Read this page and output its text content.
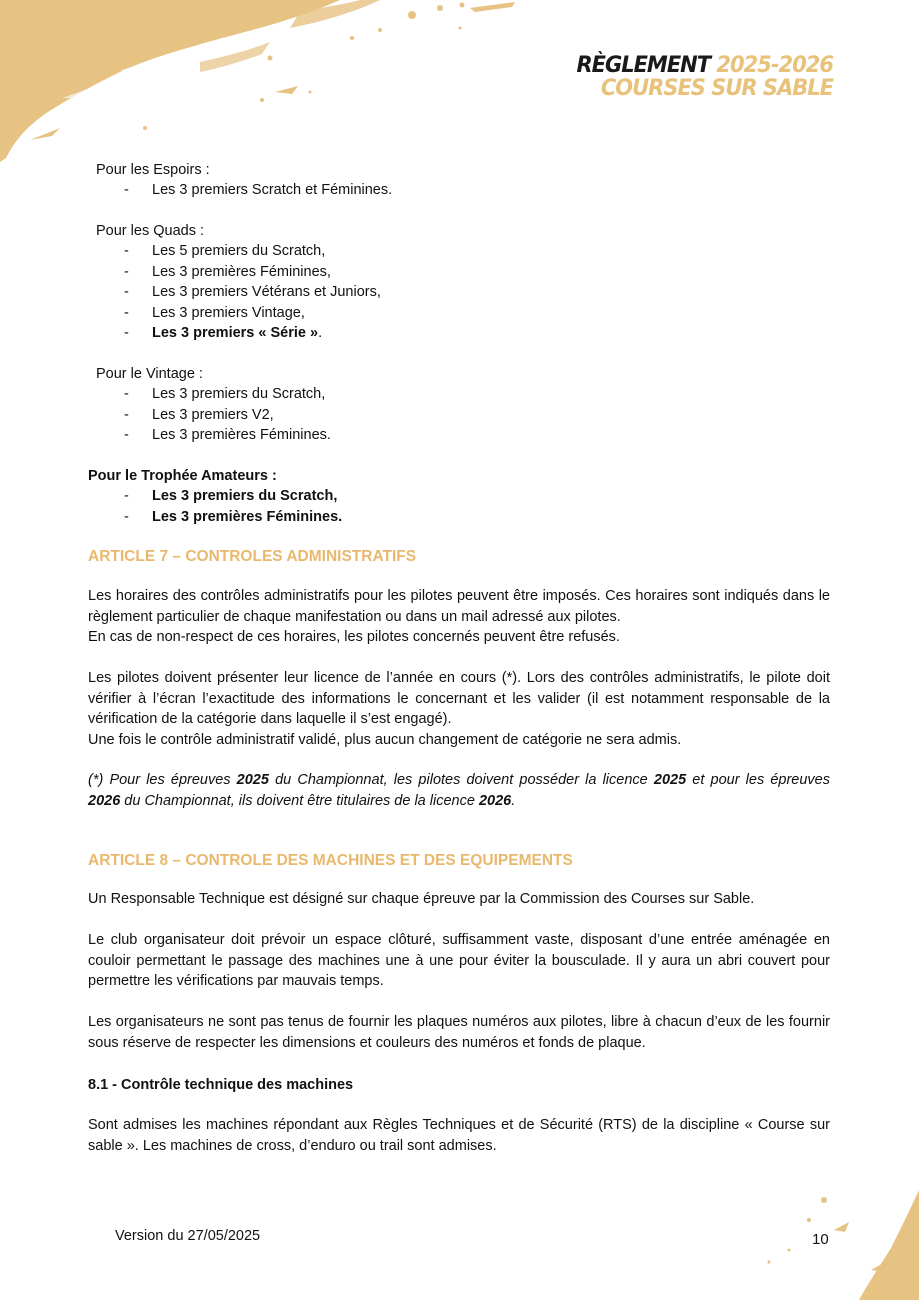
RÈGLEMENT 2025-2026
COURSES SUR SABLE
Pour les Espoirs :
- Les 3 premiers Scratch et Féminines.
Pour les Quads :
- Les 5 premiers du Scratch,
- Les 3 premières Féminines,
- Les 3 premiers Vétérans et Juniors,
- Les 3 premiers Vintage,
- Les 3 premiers « Série ».
Pour le Vintage :
- Les 3 premiers du Scratch,
- Les 3 premiers V2,
- Les 3 premières Féminines.
Pour le Trophée Amateurs :
- Les 3 premiers du Scratch,
- Les 3 premières Féminines.
ARTICLE 7 – CONTROLES ADMINISTRATIFS
Les horaires des contrôles administratifs pour les pilotes peuvent être imposés. Ces horaires sont indiqués dans le règlement particulier de chaque manifestation ou dans un mail adressé aux pilotes.
En cas de non-respect de ces horaires, les pilotes concernés peuvent être refusés.
Les pilotes doivent présenter leur licence de l’année en cours (*). Lors des contrôles administratifs, le pilote doit vérifier à l’écran l’exactitude des informations le concernant et les valider (il est notamment responsable de la vérification de la catégorie dans laquelle il s’est engagé).
Une fois le contrôle administratif validé, plus aucun changement de catégorie ne sera admis.
(*) Pour les épreuves 2025 du Championnat, les pilotes doivent posséder la licence 2025 et pour les épreuves 2026 du Championnat, ils doivent être titulaires de la licence 2026.
ARTICLE 8 – CONTROLE DES MACHINES ET DES EQUIPEMENTS
Un Responsable Technique est désigné sur chaque épreuve par la Commission des Courses sur Sable.
Le club organisateur doit prévoir un espace clôturé, suffisamment vaste, disposant d’une entrée aménagée en couloir permettant le passage des machines une à une pour éviter la bousculade. Il y aura un abri couvert pour permettre les vérifications par mauvais temps.
Les organisateurs ne sont pas tenus de fournir les plaques numéros aux pilotes, libre à chacun d’eux de les fournir sous réserve de respecter les dimensions et couleurs des numéros et fonds de plaque.
8.1 - Contrôle technique des machines
Sont admises les machines répondant aux Règles Techniques et de Sécurité (RTS) de la discipline « Course sur sable ». Les machines de cross, d’enduro ou trail sont admises.
Version du 27/05/2025	10
